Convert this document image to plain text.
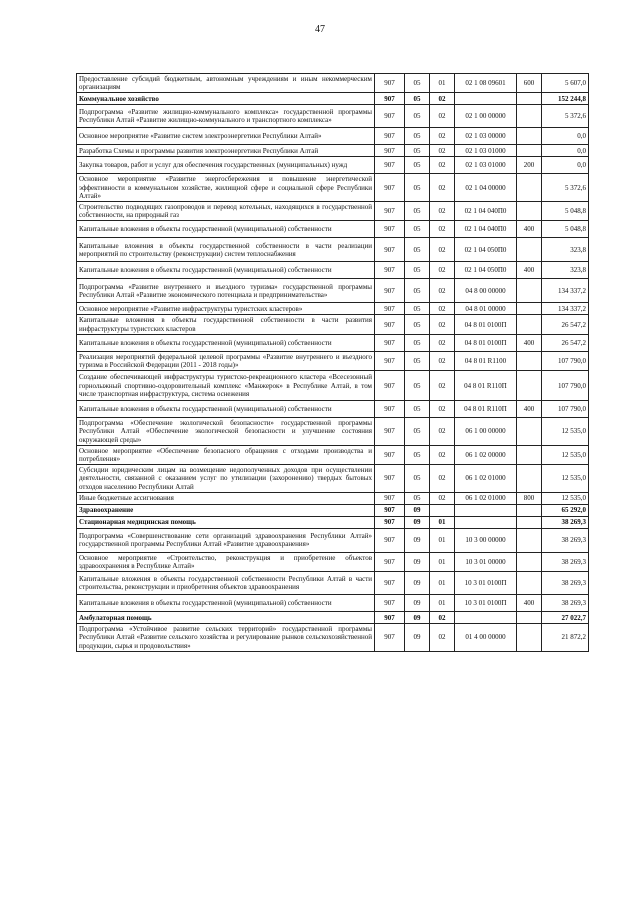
47
Предоставление субсидий бюджетным, автономным учреждениям и иным некоммерческим организациям	907	05	01	02 1 08 09601	600	5 607,0
Коммунальное хозяйство	907	05	02			152 244,8
Подпрограмма «Развитие жилищно-коммунального комплекса» государственной программы Республики Алтай «Развитие жилищно-коммунального и транспортного комплекса»	907	05	02	02 1 00 00000		5 372,6
Основное мероприятие «Развитие систем электроэнергетики Республики Алтай»	907	05	02	02 1 03 00000		0,0
Разработка Схемы и программы развития электроэнергетики Республики Алтай	907	05	02	02 1 03 01000		0,0
Закупка товаров, работ и услуг для обеспечения государственных (муниципальных) нужд	907	05	02	02 1 03 01000	200	0,0
Основное мероприятие «Развитие энергосбережения и повышение энергетической эффективности в коммунальном хозяйстве, жилищной сфере и социальной сфере Республики Алтай»	907	05	02	02 1 04 00000		5 372,6
Строительство подводящих газопроводов и перевод котельных, находящихся в государственной собственности, на природный газ	907	05	02	02 1 04 040П0		5 048,8
Капитальные вложения в объекты государственной (муниципальной) собственности	907	05	02	02 1 04 040П0	400	5 048,8
Капитальные вложения в объекты государственной собственности в части реализации мероприятий по строительству (реконструкции) систем теплоснабжения	907	05	02	02 1 04 050П0		323,8
Капитальные вложения в объекты государственной (муниципальной) собственности	907	05	02	02 1 04 050П0	400	323,8
Подпрограмма «Развитие внутреннего и въездного туризма» государственной программы Республики Алтай «Развитие экономического потенциала и предпринимательства»	907	05	02	04 8 00 00000		134 337,2
Основное мероприятие «Развитие инфраструктуры туристских кластеров»	907	05	02	04 8 01 00000		134 337,2
Капитальные вложения в объекты государственной собственности в части развития инфраструктуры туристских кластеров	907	05	02	04 8 01 0100П		26 547,2
Капитальные вложения в объекты государственной (муниципальной) собственности	907	05	02	04 8 01 0100П	400	26 547,2
Реализация мероприятий федеральной целевой программы «Развитие внутреннего и въездного туризма в Российской Федерации (2011 - 2018 годы)»	907	05	02	04 8 01 R1100		107 790,0
Создание обеспечивающей инфраструктуры туристско-рекреационного кластера «Всесезонный горнолыжный спортивно-оздоровительный комплекс «Манжерок» в Республике Алтай, в том числе транспортная инфраструктура, система оснежения	907	05	02	04 8 01 R110П		107 790,0
Капитальные вложения в объекты государственной (муниципальной) собственности	907	05	02	04 8 01 R110П	400	107 790,0
Подпрограмма «Обеспечение экологической безопасности» государственной программы Республики Алтай «Обеспечение экологической безопасности и улучшение состояния окружающей среды»	907	05	02	06 1 00 00000		12 535,0
Основное мероприятие «Обеспечение безопасного обращения с отходами производства и потребления»	907	05	02	06 1 02 00000		12 535,0
Субсидии юридическим лицам на возмещение недополученных доходов при осуществлении деятельности, связанной с оказанием услуг по утилизации (захоронению) твердых бытовых отходов населению Республики Алтай	907	05	02	06 1 02 01000		12 535,0
Иные бюджетные ассигнования	907	05	02	06 1 02 01000	800	12 535,0
Здравоохранение	907	09				65 292,0
Стационарная медицинская помощь	907	09	01			38 269,3
Подпрограмма «Совершенствование сети организаций здравоохранения Республики Алтай» государственной программы Республики Алтай «Развитие здравоохранения»	907	09	01	10 3 00 00000		38 269,3
Основное мероприятие «Строительство, реконструкция и приобретение объектов здравоохранения в Республике Алтай»	907	09	01	10 3 01 00000		38 269,3
Капитальные вложения в объекты государственной собственности Республики Алтай в части строительства, реконструкции и приобретения объектов здравоохранения	907	09	01	10 3 01 0100П		38 269,3
Капитальные вложения в объекты государственной (муниципальной) собственности	907	09	01	10 3 01 0100П	400	38 269,3
Амбулаторная помощь	907	09	02			27 022,7
Подпрограмма «Устойчивое развитие сельских территорий» государственной программы Республики Алтай «Развитие сельского хозяйства и регулирование рынков сельскохозяйственной продукции, сырья и продовольствия»	907	09	02	01 4 00 00000		21 872,2
